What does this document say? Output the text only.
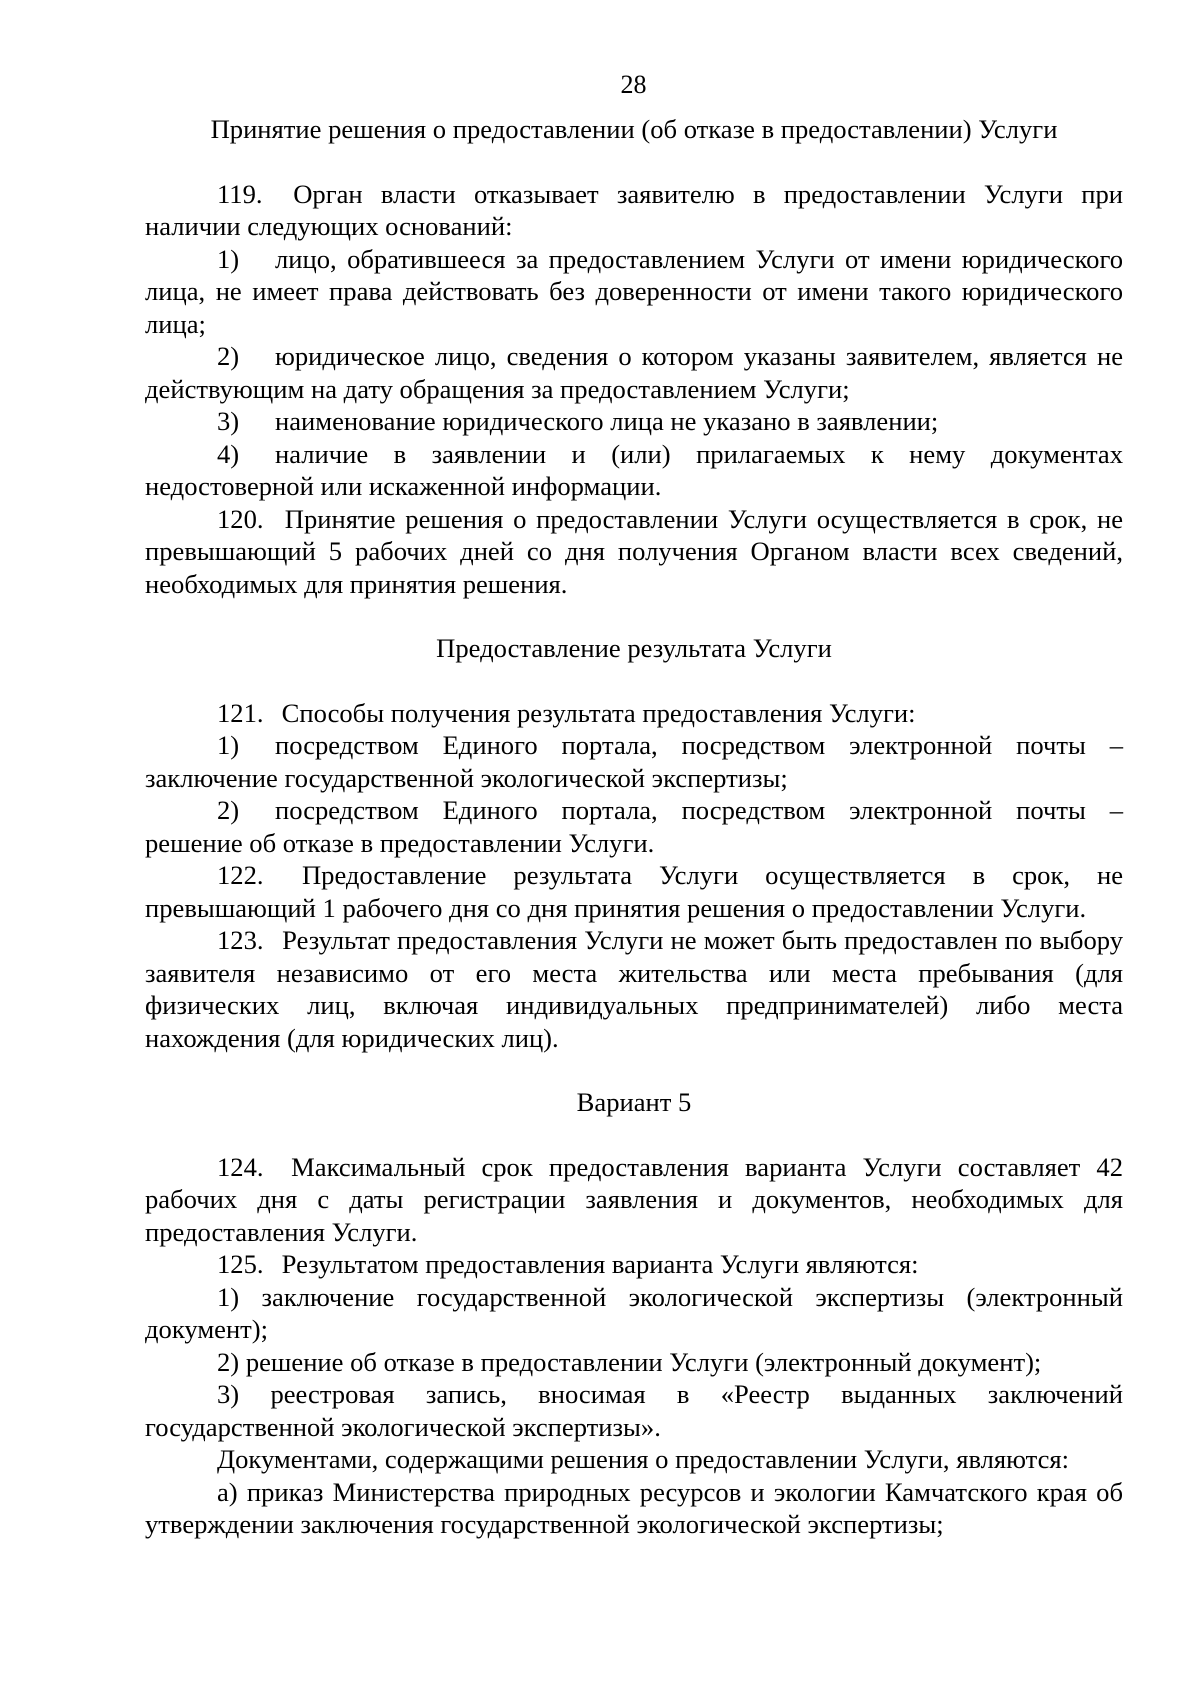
28

Принятие решения о предоставлении (об отказе в предоставлении) Услуги

119. Орган власти отказывает заявителю в предоставлении Услуги при наличии следующих оснований:

1) лицо, обратившееся за предоставлением Услуги от имени юридического лица, не имеет права действовать без доверенности от имени такого юридического лица;

2) юридическое лицо, сведения о котором указаны заявителем, является не действующим на дату обращения за предоставлением Услуги;

3) наименование юридического лица не указано в заявлении;

4) наличие в заявлении и (или) прилагаемых к нему документах недостоверной или искаженной информации.

120. Принятие решения о предоставлении Услуги осуществляется в срок, не превышающий 5 рабочих дней со дня получения Органом власти всех сведений, необходимых для принятия решения.

Предоставление результата Услуги

121. Способы получения результата предоставления Услуги:

1) посредством Единого портала, посредством электронной почты – заключение государственной экологической экспертизы;

2) посредством Единого портала, посредством электронной почты – решение об отказе в предоставлении Услуги.

122. Предоставление результата Услуги осуществляется в срок, не превышающий 1 рабочего дня со дня принятия решения о предоставлении Услуги.

123. Результат предоставления Услуги не может быть предоставлен по выбору заявителя независимо от его места жительства или места пребывания (для физических лиц, включая индивидуальных предпринимателей) либо места нахождения (для юридических лиц).

Вариант 5

124. Максимальный срок предоставления варианта Услуги составляет 42 рабочих дня с даты регистрации заявления и документов, необходимых для предоставления Услуги.

125. Результатом предоставления варианта Услуги являются:

1) заключение государственной экологической экспертизы (электронный документ);

2) решение об отказе в предоставлении Услуги (электронный документ);

3) реестровая запись, вносимая в «Реестр выданных заключений государственной экологической экспертизы».

Документами, содержащими решения о предоставлении Услуги, являются:

а) приказ Министерства природных ресурсов и экологии Камчатского края об утверждении заключения государственной экологической экспертизы;
